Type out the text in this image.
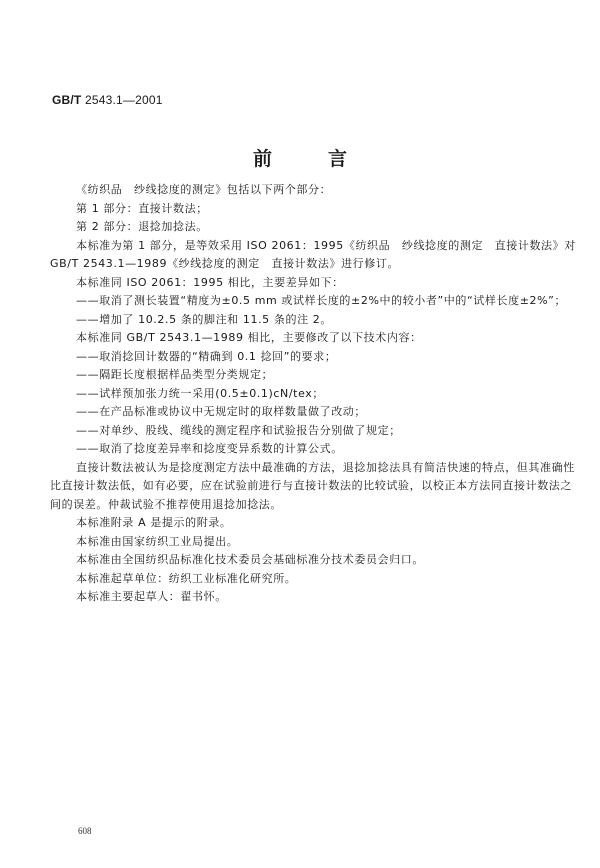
GB/T 2543.1—2001
前言
《纺织品　纱线捻度的测定》包括以下两个部分：
第 1 部分：直接计数法；
第 2 部分：退捻加捻法。
本标准为第 1 部分，是等效采用 ISO 2061：1995《纺织品　纱线捻度的测定　直接计数法》对
GB/T 2543.1—1989《纱线捻度的测定　直接计数法》进行修订。
本标准同 ISO 2061：1995 相比，主要差异如下：
——取消了测长装置“精度为±0.5 mm 或试样长度的±2%中的较小者”中的“试样长度±2%”；
——增加了 10.2.5 条的脚注和 11.5 条的注 2。
本标准同 GB/T 2543.1—1989 相比，主要修改了以下技术内容：
——取消捻回计数器的“精确到 0.1 捻回”的要求；
——隔距长度根据样品类型分类规定；
——试样预加张力统一采用(0.5±0.1)cN/tex；
——在产品标准或协议中无规定时的取样数量做了改动；
——对单纱、股线、缆线的测定程序和试验报告分别做了规定；
——取消了捻度差异率和捻度变异系数的计算公式。
直接计数法被认为是捻度测定方法中最准确的方法，退捻加捻法具有简洁快速的特点，但其准确性
比直接计数法低，如有必要，应在试验前进行与直接计数法的比较试验，以校正本方法同直接计数法之
间的误差。仲裁试验不推荐使用退捻加捻法。
本标准附录 A 是提示的附录。
本标准由国家纺织工业局提出。
本标准由全国纺织品标准化技术委员会基础标准分技术委员会归口。
本标准起草单位：纺织工业标准化研究所。
本标准主要起草人：翟书怀。
608
